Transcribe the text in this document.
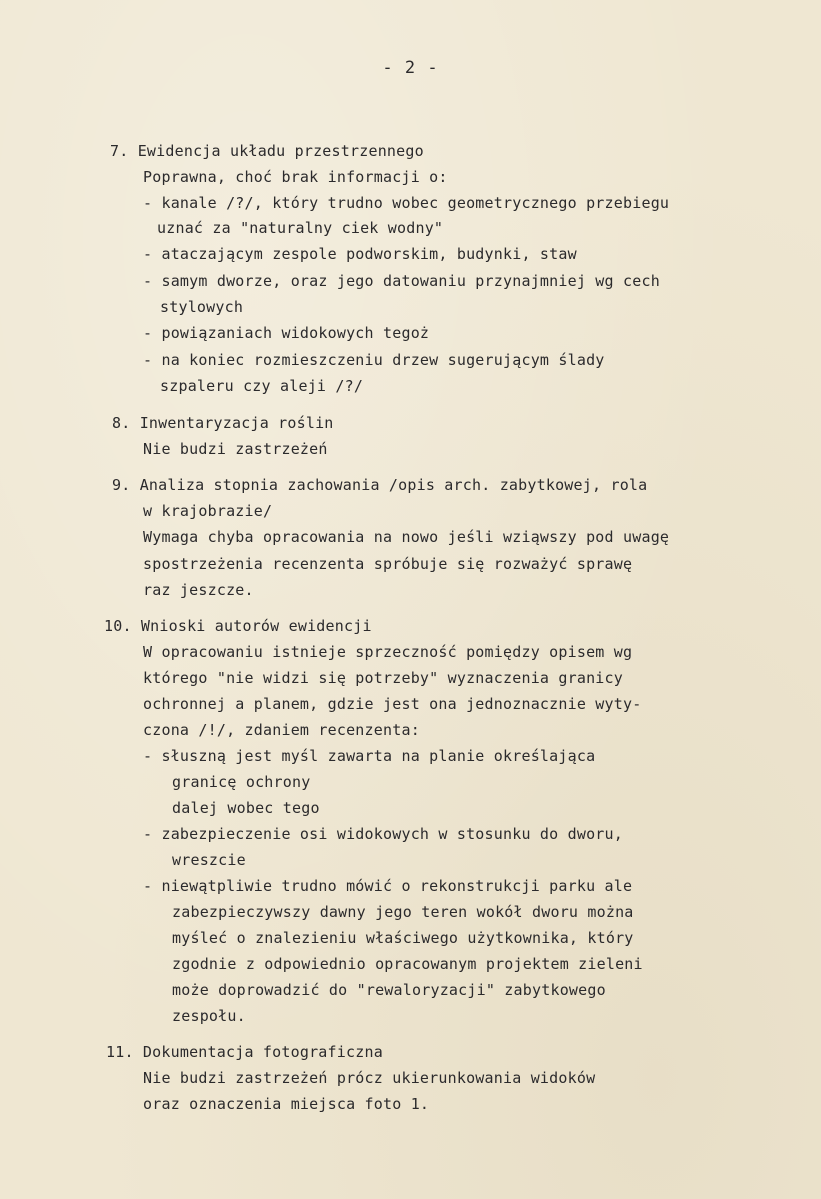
- 2 -
7. Ewidencja układu przestrzennego
Poprawna, choć brak informacji o:
- kanale /?/, który trudno wobec geometrycznego przebiegu
uznać za "naturalny ciek wodny"
- ataczającym zespole podworskim, budynki, staw
- samym dworze, oraz jego datowaniu przynajmniej wg cech
stylowych
- powiązaniach widokowych tegoż
- na koniec rozmieszczeniu drzew sugerującym ślady
szpaleru czy aleji /?/
8. Inwentaryzacja roślin
Nie budzi zastrzeżeń
9. Analiza stopnia zachowania /opis arch. zabytkowej, rola
w krajobrazie/
Wymaga chyba opracowania na nowo jeśli wziąwszy pod uwagę
spostrzeżenia recenzenta spróbuje się rozważyć sprawę
raz jeszcze.
10. Wnioski autorów ewidencji
W opracowaniu istnieje sprzeczność pomiędzy opisem wg
którego "nie widzi się potrzeby" wyznaczenia granicy
ochronnej a planem, gdzie jest ona jednoznacznie wyty-
czona /!/, zdaniem recenzenta:
- słuszną jest myśl zawarta na planie określająca
granicę ochrony
dalej wobec tego
- zabezpieczenie osi widokowych w stosunku do dworu,
wreszcie
- niewątpliwie trudno mówić o rekonstrukcji parku ale
zabezpieczywszy dawny jego teren wokół dworu można
myśleć o znalezieniu właściwego użytkownika, który
zgodnie z odpowiednio opracowanym projektem zieleni
może doprowadzić do "rewaloryzacji" zabytkowego
zespołu.
11. Dokumentacja fotograficzna
Nie budzi zastrzeżeń prócz ukierunkowania widoków
oraz oznaczenia miejsca foto 1.
